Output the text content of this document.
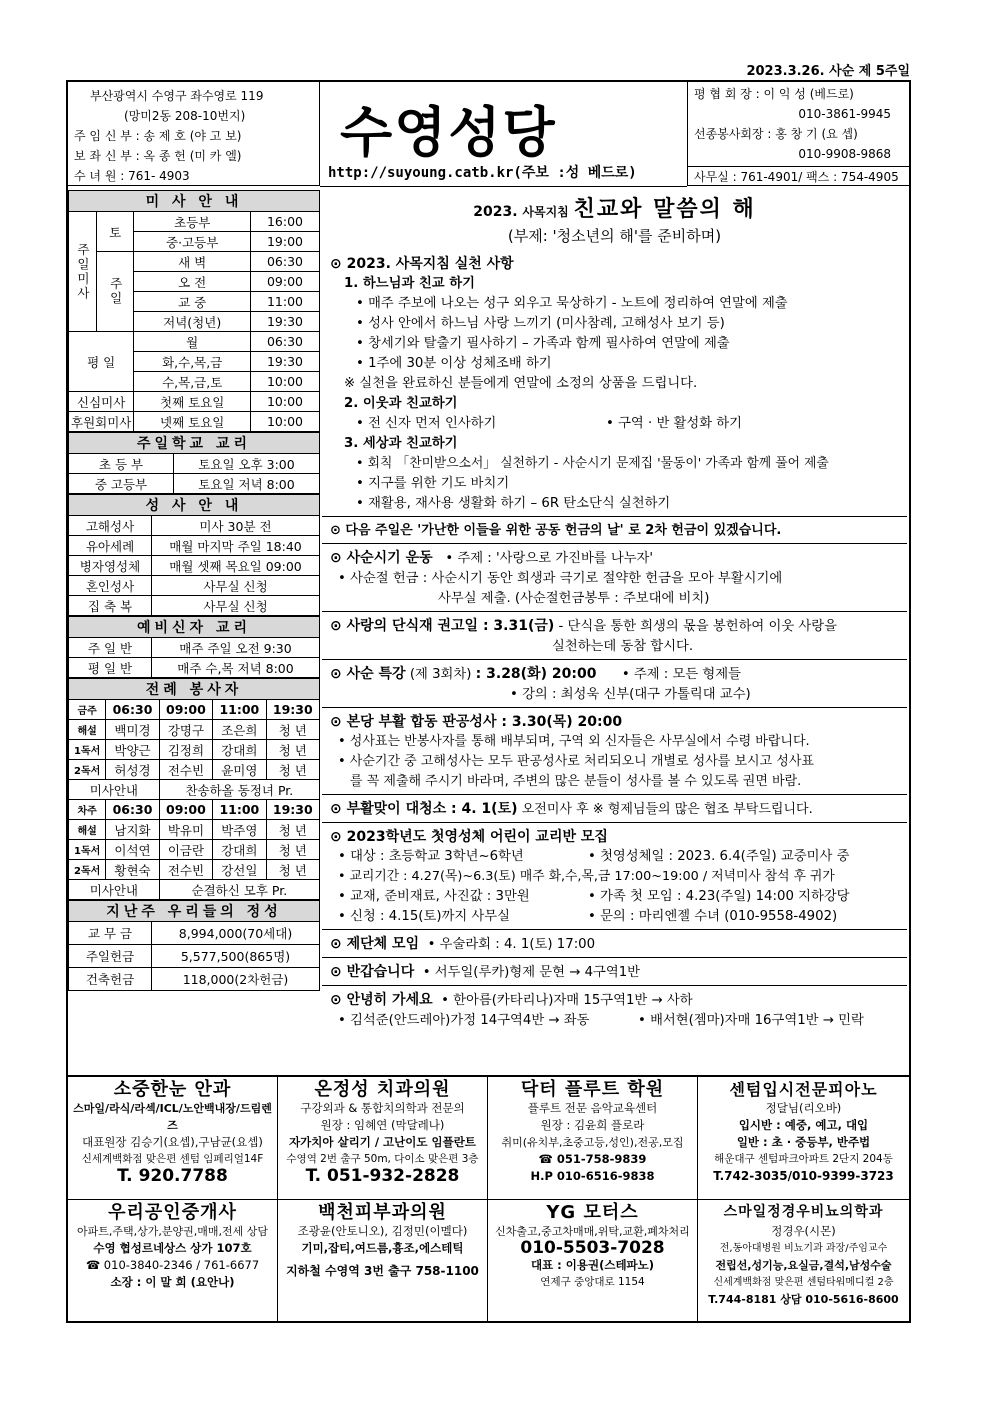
2023.3.26. 사순 제 5주일
부산광역시 수영구 좌수영로 119
(망미2동 208-10번지)
주 임 신 부 : 송 제 호 (야 고 보)
보 좌 신 부 : 옥 종 헌 (미 카 엘)
수 녀 원 : 761- 4903
수영성당
http://suyoung.catb.kr(주보 :성 베드로)
평 협 회 장 : 이 익 성 (베드로)
010-3861-9945
선종봉사회장 : 홍 창 기 (요 셉)
010-9908-9868
사무실 : 761-4901/ 팩스 : 754-4905
미 사 안 내			
주일미사	토	초등부	16:00
		중·고등부	19:00
	주일	새 벽	06:30
		오 전	09:00
		교 중	11:00
		저녁(청년)	19:30
평 일		월	06:30
		화,수,목,금	19:30
		수,목,금,토	10:00
신심미사		첫째 토요일	10:00
후원회미사		넷째 토요일	10:00
주일학교 교리	
초 등 부	토요일 오후 3:00
중 고등부	토요일 저녁 8:00
성 사 안 내	
고해성사	미사 30분 전
유아세례	매월 마지막 주일 18:40
병자영성체	매월 셋째 목요일 09:00
혼인성사	사무실 신청
집 축 복	사무실 신청
예비신자 교리	
주 일 반	매주 주일 오전 9:30
평 일 반	매주 수,목 저녁 8:00
전례 봉사자				
금주	06:30	09:00	11:00	19:30
해설	백미경	강명구	조은희	청 년
1독서	박양근	김정희	강대희	청 년
2독서	허성경	전수빈	윤미영	청 년
미사안내		찬송하올 동정녀 Pr.		
차주	06:30	09:00	11:00	19:30
해설	남지화	박유미	박주영	청 년
1독서	이석연	이금란	강대희	청 년
2독서	황현숙	전수빈	강선일	청 년
미사안내		순결하신 모후 Pr.		
지난주 우리들의 정성	
교 무 금	8,994,000(70세대)
주일헌금	5,577,500(865명)
건축헌금	118,000(2차헌금)
2023. 사목지침 친교와 말씀의 해
(부제: '청소년의 해'를 준비하며)
⊙ 2023. 사목지침 실천 사항
1. 하느님과 친교 하기
• 매주 주보에 나오는 성구 외우고 묵상하기 - 노트에 정리하여 연말에 제출
• 성사 안에서 하느님 사랑 느끼기 (미사참례, 고해성사 보기 등)
• 창세기와 탈출기 필사하기 – 가족과 함께 필사하여 연말에 제출
• 1주에 30분 이상 성체조배 하기
※ 실천을 완료하신 분들에게 연말에 소정의 상품을 드립니다.
2. 이웃과 친교하기
• 전 신자 먼저 인사하기	• 구역 · 반 활성화 하기
3. 세상과 친교하기
• 회칙 「찬미받으소서」 실천하기 - 사순시기 문제집 '물동이' 가족과 함께 풀어 제출
• 지구를 위한 기도 바치기
• 재활용, 재사용 생활화 하기 – 6R 탄소단식 실천하기
⊙ 다음 주일은 '가난한 이들을 위한 공동 헌금의 날' 로 2차 헌금이 있겠습니다.
⊙ 사순시기 운동 • 주제 : '사랑으로 가진바를 나누자'
• 사순절 헌금 : 사순시기 동안 희생과 극기로 절약한 헌금을 모아 부활시기에
사무실 제출. (사순절헌금봉투 : 주보대에 비치)
⊙ 사랑의 단식재 권고일 : 3.31(금) - 단식을 통한 희생의 몫을 봉헌하여 이웃 사랑을
실천하는데 동참 합시다.
⊙ 사순 특강 (제 3회차) : 3.28(화) 20:00 • 주제 : 모든 형제들
• 강의 : 최성욱 신부(대구 가톨릭대 교수)
⊙ 본당 부활 합동 판공성사 : 3.30(목) 20:00
• 성사표는 반봉사자를 통해 배부되며, 구역 외 신자들은 사무실에서 수령 바랍니다.
• 사순기간 중 고해성사는 모두 판공성사로 처리되오니 개별로 성사를 보시고 성사표
를 꼭 제출해 주시기 바라며, 주변의 많은 분들이 성사를 볼 수 있도록 권면 바람.
⊙ 부활맞이 대청소 : 4. 1(토) 오전미사 후 ※ 형제님들의 많은 협조 부탁드립니다.
⊙ 2023학년도 첫영성체 어린이 교리반 모집
• 대상 : 초등학교 3학년~6학년	• 첫영성체일 : 2023. 6.4(주일) 교중미사 중
• 교리기간 : 4.27(목)~6.3(토) 매주 화,수,목,금 17:00~19:00 / 저녁미사 참석 후 귀가
• 교재, 준비재료, 사진값 : 3만원	• 가족 첫 모임 : 4.23(주일) 14:00 지하강당
• 신청 : 4.15(토)까지 사무실	• 문의 : 마리엔젤 수녀 (010-9558-4902)
⊙ 제단체 모임 • 우술라회 : 4. 1(토) 17:00
⊙ 반갑습니다 • 서두일(루카)형제 문현 → 4구역1반
⊙ 안녕히 가세요 • 한아름(카타리나)자매 15구역1반 → 사하
• 김석준(안드레아)가정 14구역4반 → 좌동	• 배서현(젬마)자매 16구역1반 → 민락
소중한눈 안과
스마일/라식/라섹/ICL/노안백내장/드림렌즈
대표원장 김승기(요셉),구남균(요셉)
신세계백화점 맞은편 센텀 임페리얼14F
T. 920.7788
온정성 치과의원
구강외과 & 통합치의학과 전문의
원장 : 임혜연 (막달레나)
자가치아 살리기 / 고난이도 임플란트
수영역 2번 출구 50m, 다이소 맞은편 3층
T. 051-932-2828
닥터 플루트 학원
플루트 전문 음악교육센터
원장 : 김윤희 플로라
취미(유치부,초중고등,성인),전공,모집
☎ 051-758-9839
H.P 010-6516-9838
센텀입시전문피아노
정달님(리오바)
입시반 : 예중, 예고, 대입
일반 : 초 · 중등부, 반주법
해운대구 센텀파크아파트 2단지 204동
T.742-3035/010-9399-3723
우리공인중개사
아파트,주택,상가,분양권,매매,전세 상담
수영 협성르네상스 상가 107호
☎ 010-3840-2346 / 761-6677
소장 : 이 말 희 (요안나)
백천피부과의원
조광윤(안토니오), 김정민(이멜다)
기미,잡티,여드름,흉조,에스테틱
지하철 수영역 3번 출구 758-1100
YG 모터스
신차출고,중고차매매,위탁,교환,폐차처리
010-5503-7028
대표 : 이용권(스테파노)
연제구 중앙대로 1154
스마일정경우비뇨의학과
정경우(시몬)
전,동아대병원 비뇨기과 과장/주임교수
전립선,성기능,요실금,결석,남성수술
신세계백화점 맞은편 센텀타워메디컬 2층
T.744-8181 상담 010-5616-8600
